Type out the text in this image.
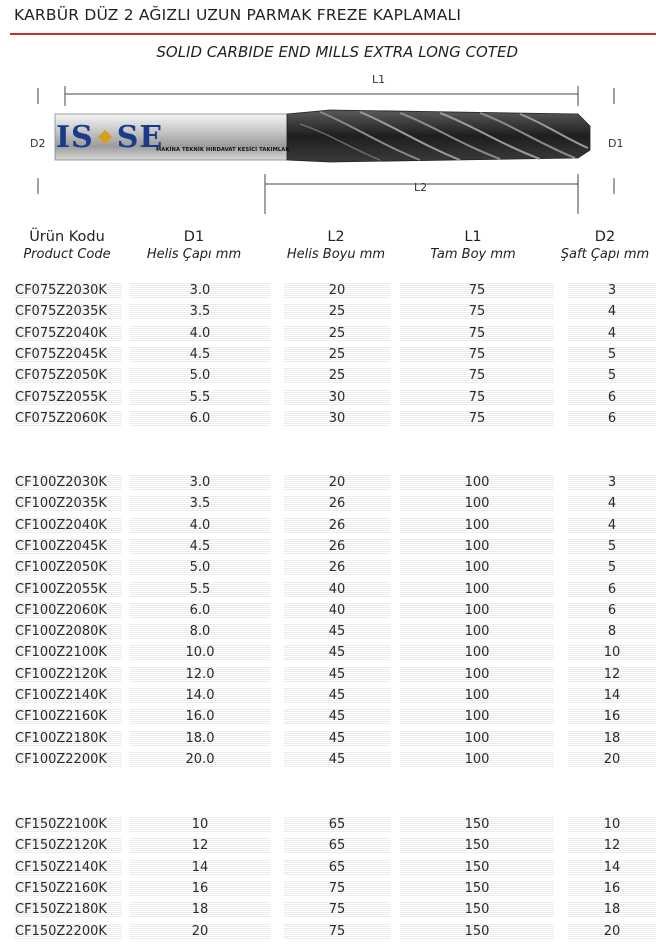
KARBÜR DÜZ 2 AĞIZLI UZUN PARMAK FREZE KAPLAMALI
SOLID CARBIDE END MILLS EXTRA LONG COTED
L1
L2
D2	D1
IS SE
MAKİNA TEKNİK HIRDAVAT KESİCİ TAKIMLAR
Ürün Kodu
Product Code
D1
Helis Çapı mm
L2
Helis Boyu mm
L1
Tam Boy mm
D2
Şaft Çapı mm
CF075Z2030K	3.0	20	75	3
CF075Z2035K	3.5	25	75	4
CF075Z2040K	4.0	25	75	4
CF075Z2045K	4.5	25	75	5
CF075Z2050K	5.0	25	75	5
CF075Z2055K	5.5	30	75	6
CF075Z2060K	6.0	30	75	6
CF100Z2030K	3.0	20	100	3
CF100Z2035K	3.5	26	100	4
CF100Z2040K	4.0	26	100	4
CF100Z2045K	4.5	26	100	5
CF100Z2050K	5.0	26	100	5
CF100Z2055K	5.5	40	100	6
CF100Z2060K	6.0	40	100	6
CF100Z2080K	8.0	45	100	8
CF100Z2100K	10.0	45	100	10
CF100Z2120K	12.0	45	100	12
CF100Z2140K	14.0	45	100	14
CF100Z2160K	16.0	45	100	16
CF100Z2180K	18.0	45	100	18
CF100Z2200K	20.0	45	100	20
CF150Z2100K	10	65	150	10
CF150Z2120K	12	65	150	12
CF150Z2140K	14	65	150	14
CF150Z2160K	16	75	150	16
CF150Z2180K	18	75	150	18
CF150Z2200K	20	75	150	20
